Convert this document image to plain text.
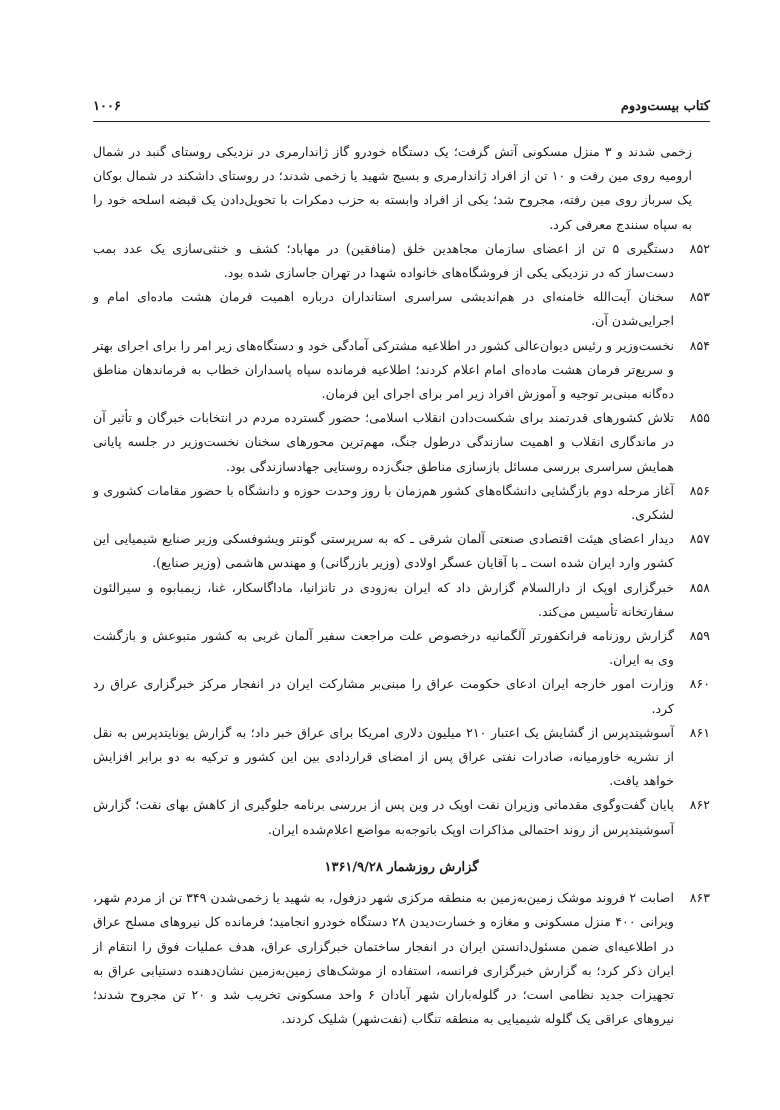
کتاب بیست‌ودوم
۱۰۰۶

زخمی شدند و ۳ منزل مسکونی آتش گرفت؛ یک دستگاه خودرو گاز ژاندارمری در نزدیکی روستای گنبد در شمال ارومیه روی مین رفت و ۱۰ تن از افراد ژاندارمری و بسیج شهید یا زخمی شدند؛ در روستای داشکند در شمال بوکان یک سرباز روی مین رفته، مجروح شد؛ یکی از افراد وابسته به حزب دمکرات با تحویل‌دادن یک قبضه اسلحه خود را به سپاه سنندج معرفی کرد.

۸۵۲
دستگیری ۵ تن از اعضای سازمان مجاهدین خلق (منافقین) در مهاباد؛ کشف و خنثی‌سازی یک عدد بمب دست‌ساز که در نزدیکی یکی از فروشگاه‌های خانواده شهدا در تهران جاسازی شده بود.
۸۵۳
سخنان آیت‌الله خامنه‌ای در هم‌اندیشی سراسری استانداران درباره اهمیت فرمان هشت ماده‌ای امام و اجرایی‌شدن آن.
۸۵۴
نخست‌وزیر و رئیس دیوان‌عالی کشور در اطلاعیه مشترکی آمادگی خود و دستگاه‌های زیر امر را برای اجرای بهتر و سریع‌تر فرمان هشت ماده‌ای امام اعلام کردند؛ اطلاعیه فرمانده سپاه پاسداران خطاب به فرماندهان مناطق ده‌گانه مبنی‌بر توجیه و آموزش افراد زیر امر برای اجرای این فرمان.
۸۵۵
تلاش کشورهای قدرتمند برای شکست‌دادن انقلاب اسلامی؛ حضور گسترده مردم در انتخابات خبرگان و تأثیر آن در ماندگاری انقلاب و اهمیت سازندگی درطول جنگ، مهم‌ترین محورهای سخنان نخست‌وزیر در جلسه پایانی همایش سراسری بررسی مسائل بازسازی مناطق جنگ‌زده روستایی جهادسازندگی بود.
۸۵۶
آغاز مرحله دوم بازگشایی دانشگاه‌های کشور هم‌زمان با روز وحدت حوزه و دانشگاه با حضور مقامات کشوری و لشکری.
۸۵۷
دیدار اعضای هیئت اقتصادی صنعتی آلمان شرقی ـ که به سرپرستی گونتر ویشوفسکی وزیر صنایع شیمیایی این کشور وارد ایران شده است ـ با آقایان عسگر اولادی (وزیر بازرگانی) و مهندس هاشمی (وزیر صنایع).
۸۵۸
خبرگزاری اوپک از دارالسلام گزارش داد که ایران به‌زودی در تانزانیا، ماداگاسکار، غنا، زیمبابوه و سیرالئون سفارتخانه تأسیس می‌کند.
۸۵۹
گزارش روزنامه فرانکفورتر آلگمانیه درخصوص علت مراجعت سفیر آلمان غربی به کشور متبوعش و بازگشت وی به ایران.
۸۶۰
وزارت امور خارجه ایران ادعای حکومت عراق را مبنی‌بر مشارکت ایران در انفجار مرکز خبرگزاری عراق رد کرد.
۸۶۱
آسوشیتدپرس از گشایش یک اعتبار ۲۱۰ میلیون دلاری امریکا برای عراق خبر داد؛ به گزارش یونایتدپرس به نقل از نشریه خاورمیانه، صادرات نفتی عراق پس از امضای قراردادی بین این کشور و ترکیه به دو برابر افزایش خواهد یافت.
۸۶۲
پایان گفت‌وگوی مقدماتی وزیران نفت اوپک در وین پس از بررسی برنامه جلوگیری از کاهش بهای نفت؛ گزارش آسوشیتدپرس از روند احتمالی مذاکرات اوپک باتوجه‌به مواضع اعلام‌شده ایران.
گزارش روزشمار ۱۳۶۱/۹/۲۸
۸۶۳
اصابت ۲ فروند موشک زمین‌به‌زمین به منطقه مرکزی شهر دزفول، به شهید یا زخمی‌شدن ۳۴۹ تن از مردم شهر، ویرانی ۴۰۰ منزل مسکونی و مغازه و خسارت‌دیدن ۲۸ دستگاه خودرو انجامید؛ فرمانده کل نیروهای مسلح عراق در اطلاعیه‌ای ضمن مسئول‌دانستن ایران در انفجار ساختمان خبرگزاری عراق، هدف عملیات فوق را انتقام از ایران ذکر کرد؛ به گزارش خبرگزاری فرانسه، استفاده از موشک‌های زمین‌به‌زمین نشان‌دهنده دستیابی عراق به تجهیزات جدید نظامی است؛ در گلوله‌باران شهر آبادان ۶ واحد مسکونی تخریب شد و ۲۰ تن مجروح شدند؛ نیروهای عراقی یک گلوله شیمیایی به منطقه تنگاب (نفت‌شهر) شلیک کردند.
